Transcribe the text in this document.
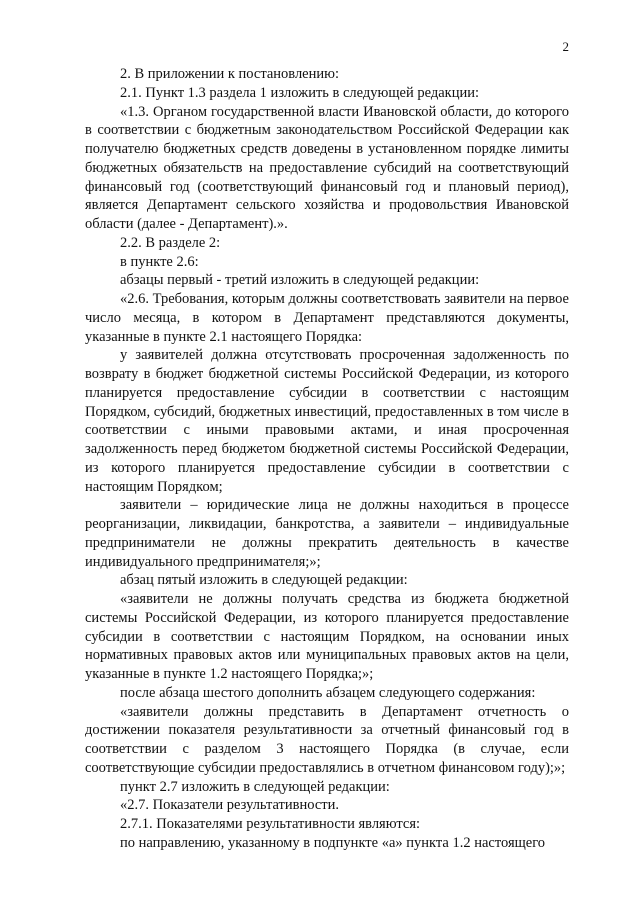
2

2. В приложении к постановлению:

2.1. Пункт 1.3 раздела 1 изложить в следующей редакции:

«1.3. Органом государственной власти Ивановской области, до которого в соответствии с бюджетным законодательством Российской Федерации как получателю бюджетных средств доведены в установленном порядке лимиты бюджетных обязательств на предоставление субсидий на соответствующий финансовый год (соответствующий финансовый год и плановый период), является Департамент сельского хозяйства и продовольствия Ивановской области (далее - Департамент).».

2.2. В разделе 2:

в пункте 2.6:

абзацы первый - третий изложить в следующей редакции:

«2.6. Требования, которым должны соответствовать заявители на первое число месяца, в котором в Департамент представляются документы, указанные в пункте 2.1 настоящего Порядка:

у заявителей должна отсутствовать просроченная задолженность по возврату в бюджет бюджетной системы Российской Федерации, из которого планируется предоставление субсидии в соответствии с настоящим Порядком, субсидий, бюджетных инвестиций, предоставленных в том числе в соответствии с иными правовыми актами, и иная просроченная задолженность перед бюджетом бюджетной системы Российской Федерации, из которого планируется предоставление субсидии в соответствии с настоящим Порядком;

заявители – юридические лица не должны находиться в процессе реорганизации, ликвидации, банкротства, а заявители – индивидуальные предприниматели не должны прекратить деятельность в качестве индивидуального предпринимателя;»;

абзац пятый изложить в следующей редакции:

«заявители не должны получать средства из бюджета бюджетной системы Российской Федерации, из которого планируется предоставление субсидии в соответствии с настоящим Порядком, на основании иных нормативных правовых актов или муниципальных правовых актов на цели, указанные в пункте 1.2 настоящего Порядка;»;

после абзаца шестого дополнить абзацем следующего содержания:

«заявители должны представить в Департамент отчетность о достижении показателя результативности за отчетный финансовый год в соответствии с разделом 3 настоящего Порядка (в случае, если соответствующие субсидии предоставлялись в отчетном финансовом году);»;

пункт 2.7 изложить в следующей редакции:

«2.7. Показатели результативности.

2.7.1. Показателями результативности являются:

по направлению, указанному в подпункте «а» пункта 1.2 настоящего
